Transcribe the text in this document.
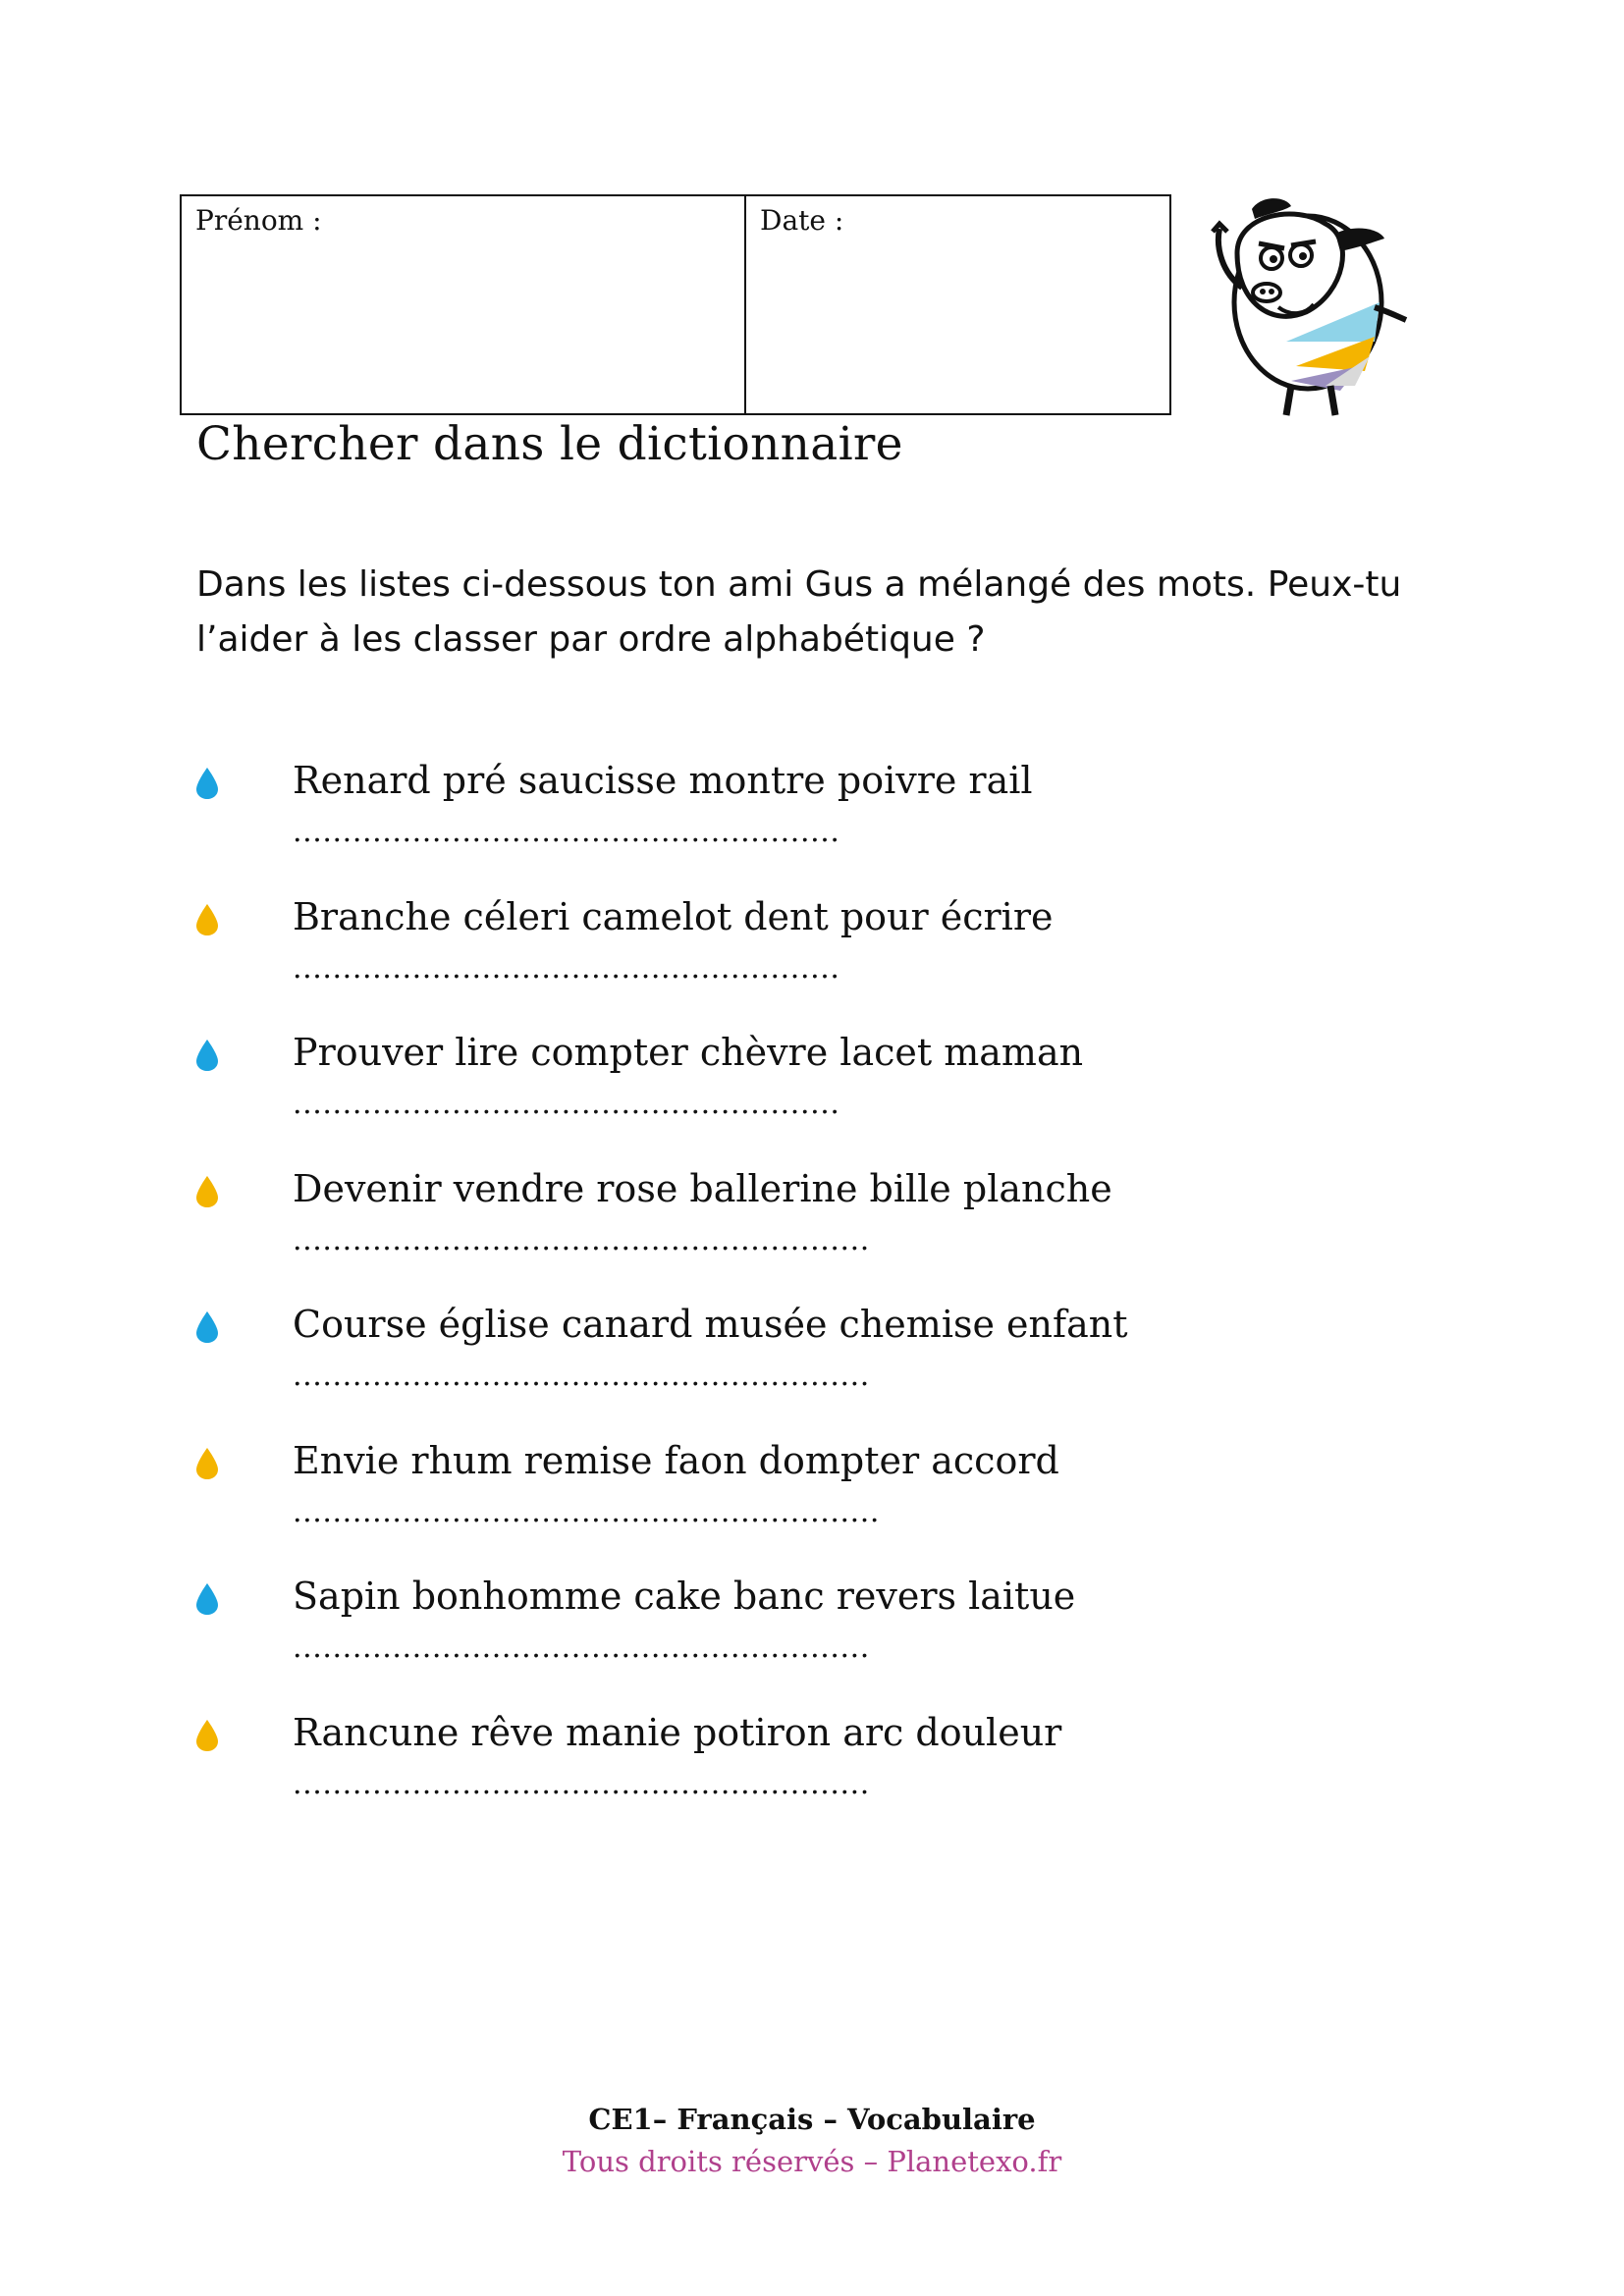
Prénom :	Date :
Chercher dans le dictionnaire

Dans les listes ci-dessous ton ami Gus a mélangé des mots. Peux-tu l’aider à les classer par ordre alphabétique ?

Renard pré saucisse montre poivre rail
.......................................................
Branche céleri camelot dent pour écrire
.......................................................
Prouver lire compter chèvre lacet maman
.......................................................
Devenir vendre rose ballerine bille planche
..........................................................
Course église canard musée chemise enfant
..........................................................
Envie rhum remise faon dompter accord
...........................................................
Sapin bonhomme cake banc revers laitue
..........................................................
Rancune rêve manie potiron arc douleur
..........................................................
CE1– Français – Vocabulaire
Tous droits réservés – Planetexo.fr
